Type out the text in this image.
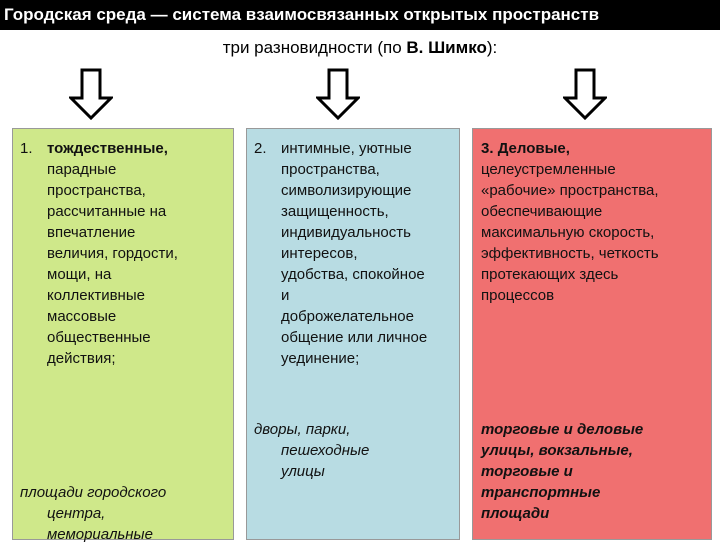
Городская среда — система взаимосвязанных открытых пространств
три разновидности (по В. Шимко):
1. тождественные,
парадные
пространства,
рассчитанные на
впечатление
величия, гордости,
мощи, на
коллективные
массовые
общественные
действия;
площади городского
центра,
мемориальные
2. интимные, уютные
пространства,
символизирующие
защищенность,
индивидуальность
интересов,
удобства, спокойное
и
доброжелательное
общение или личное
уединение;
дворы, парки,
пешеходные
улицы
3. Деловые,
целеустремленные
«рабочие» пространства,
обеспечивающие
максимальную скорость,
эффективность, четкость
протекающих здесь
процессов
торговые и деловые
улицы, вокзальные,
торговые и
транспортные
площади
